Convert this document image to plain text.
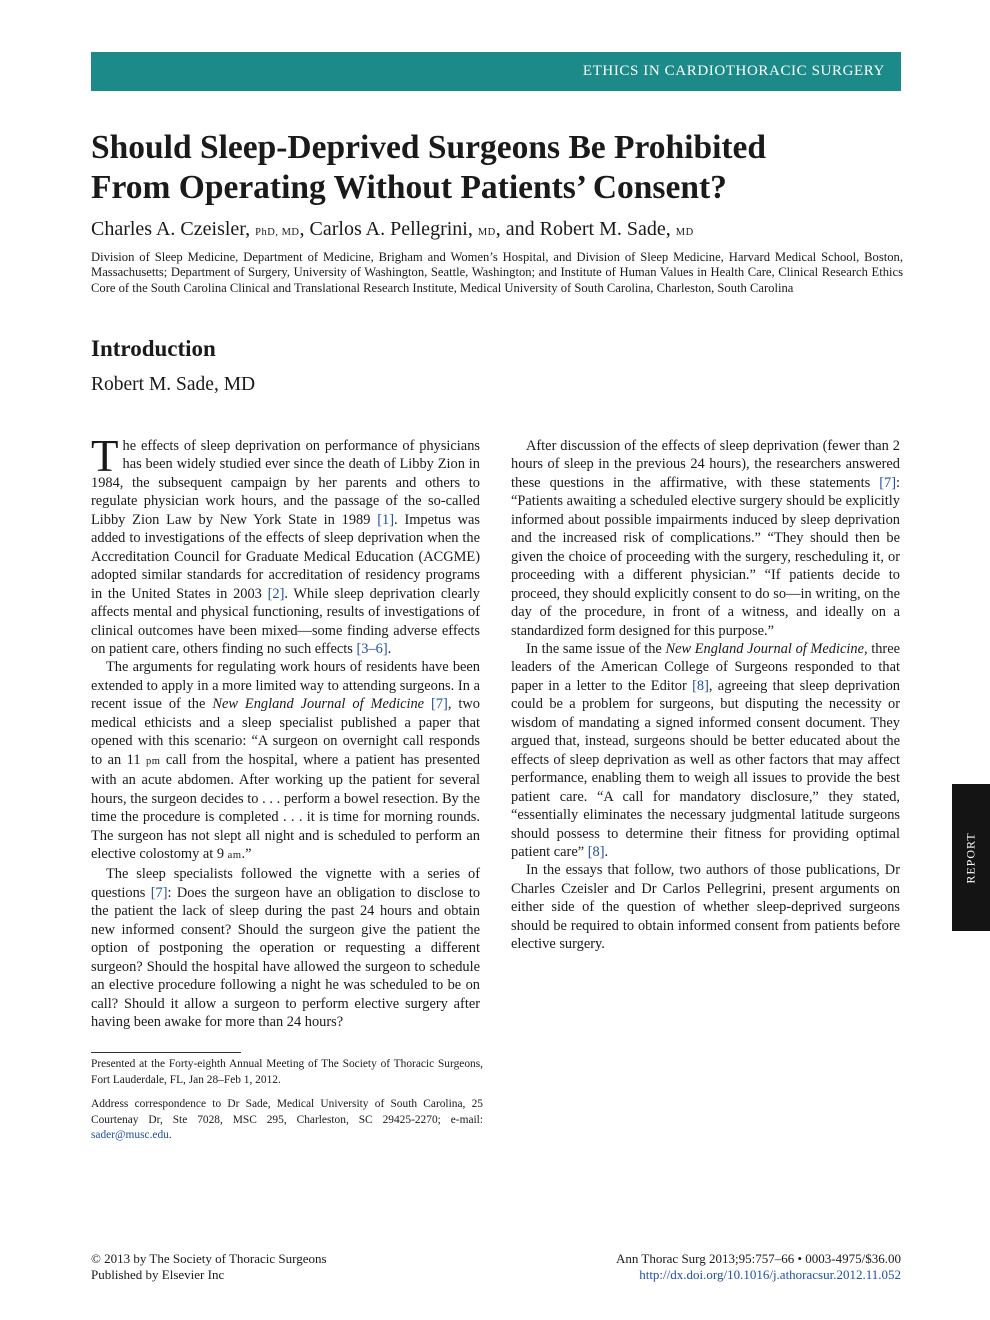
ETHICS IN CARDIOTHORACIC SURGERY
Should Sleep-Deprived Surgeons Be Prohibited
From Operating Without Patients’ Consent?
Charles A. Czeisler, PhD, MD, Carlos A. Pellegrini, MD, and Robert M. Sade, MD
Division of Sleep Medicine, Department of Medicine, Brigham and Women’s Hospital, and Division of Sleep Medicine, Harvard Medical School, Boston, Massachusetts; Department of Surgery, University of Washington, Seattle, Washington; and Institute of Human Values in Health Care, Clinical Research Ethics Core of the South Carolina Clinical and Translational Research Institute, Medical University of South Carolina, Charleston, South Carolina
Introduction
Robert M. Sade, MD

The effects of sleep deprivation on performance of physicians has been widely studied ever since the death of Libby Zion in 1984, the subsequent campaign by her parents and others to regulate physician work hours, and the passage of the so-called Libby Zion Law by New York State in 1989 [1]. Impetus was added to investigations of the effects of sleep deprivation when the Accreditation Council for Graduate Medical Education (ACGME) adopted similar standards for accreditation of residency programs in the United States in 2003 [2]. While sleep deprivation clearly affects mental and physical functioning, results of investigations of clinical outcomes have been mixed—some finding adverse effects on patient care, others finding no such effects [3–6].

The arguments for regulating work hours of residents have been extended to apply in a more limited way to attending surgeons. In a recent issue of the New England Journal of Medicine [7], two medical ethicists and a sleep specialist published a paper that opened with this scenario: “A surgeon on overnight call responds to an 11 pm call from the hospital, where a patient has presented with an acute abdomen. After working up the patient for several hours, the surgeon decides to . . . perform a bowel resection. By the time the procedure is completed . . . it is time for morning rounds. The surgeon has not slept all night and is scheduled to perform an elective colostomy at 9 am.”

The sleep specialists followed the vignette with a series of questions [7]: Does the surgeon have an obligation to disclose to the patient the lack of sleep during the past 24 hours and obtain new informed consent? Should the surgeon give the patient the option of postponing the operation or requesting a different surgeon? Should the hospital have allowed the surgeon to schedule an elective procedure following a night he was scheduled to be on call? Should it allow a surgeon to perform elective surgery after having been awake for more than 24 hours?

After discussion of the effects of sleep deprivation (fewer than 2 hours of sleep in the previous 24 hours), the researchers answered these questions in the affirmative, with these statements [7]: “Patients awaiting a scheduled elective surgery should be explicitly informed about possible impairments induced by sleep deprivation and the increased risk of complications.” “They should then be given the choice of proceeding with the surgery, rescheduling it, or proceeding with a different physician.” “If patients decide to proceed, they should explicitly consent to do so—in writing, on the day of the procedure, in front of a witness, and ideally on a standardized form designed for this purpose.”

In the same issue of the New England Journal of Medicine, three leaders of the American College of Surgeons responded to that paper in a letter to the Editor [8], agreeing that sleep deprivation could be a problem for surgeons, but disputing the necessity or wisdom of mandating a signed informed consent document. They argued that, instead, surgeons should be better educated about the effects of sleep deprivation as well as other factors that may affect performance, enabling them to weigh all issues to provide the best patient care. “A call for mandatory disclosure,” they stated, “essentially eliminates the necessary judgmental latitude surgeons should possess to determine their fitness for providing optimal patient care” [8].

In the essays that follow, two authors of those publications, Dr Charles Czeisler and Dr Carlos Pellegrini, present arguments on either side of the question of whether sleep-deprived surgeons should be required to obtain informed consent from patients before elective surgery.

Presented at the Forty-eighth Annual Meeting of The Society of Thoracic Surgeons, Fort Lauderdale, FL, Jan 28–Feb 1, 2012.
Address correspondence to Dr Sade, Medical University of South Carolina, 25 Courtenay Dr, Ste 7028, MSC 295, Charleston, SC 29425-2270; e-mail: sader@musc.edu.
REPORT
© 2013 by The Society of Thoracic Surgeons
Published by Elsevier Inc
Ann Thorac Surg 2013;95:757–66 • 0003-4975/$36.00
http://dx.doi.org/10.1016/j.athoracsur.2012.11.052
